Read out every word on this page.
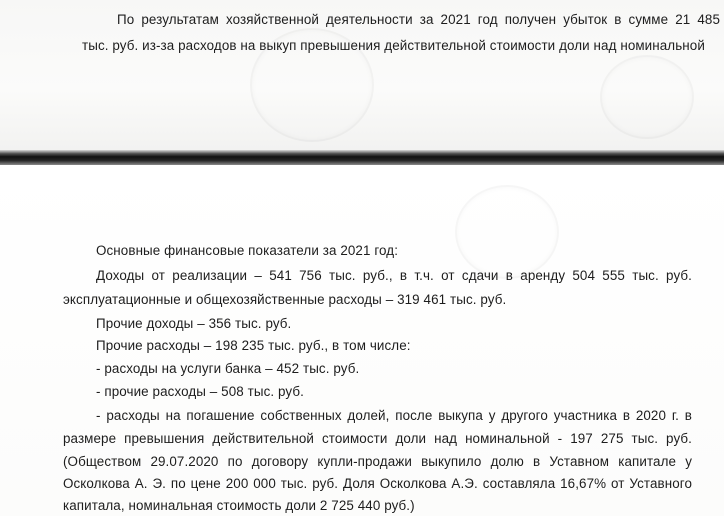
По результатам хозяйственной деятельности за 2021 год получен убыток в сумме 21 485
тыс. руб. из-за расходов на выкуп превышения действительной стоимости доли над номинальной
Основные финансовые показатели за 2021 год:
Доходы от реализации – 541 756 тыс. руб., в т.ч. от сдачи в аренду 504 555 тыс. руб.
эксплуатационные и общехозяйственные расходы – 319 461 тыс. руб.
Прочие доходы – 356 тыс. руб.
Прочие расходы – 198 235 тыс. руб., в том числе:
- расходы на услуги банка – 452 тыс. руб.
- прочие расходы – 508 тыс. руб.
- расходы на погашение собственных долей, после выкупа у другого участника в 2020 г. в
размере превышения действительной стоимости доли над номинальной - 197 275 тыс. руб.
(Обществом 29.07.2020 по договору купли-продажи выкупило долю в Уставном капитале у
Осколкова А. Э. по цене 200 000 тыс. руб. Доля Осколкова А.Э. составляла 16,67% от Уставного
капитала, номинальная стоимость доли 2 725 440 руб.)
